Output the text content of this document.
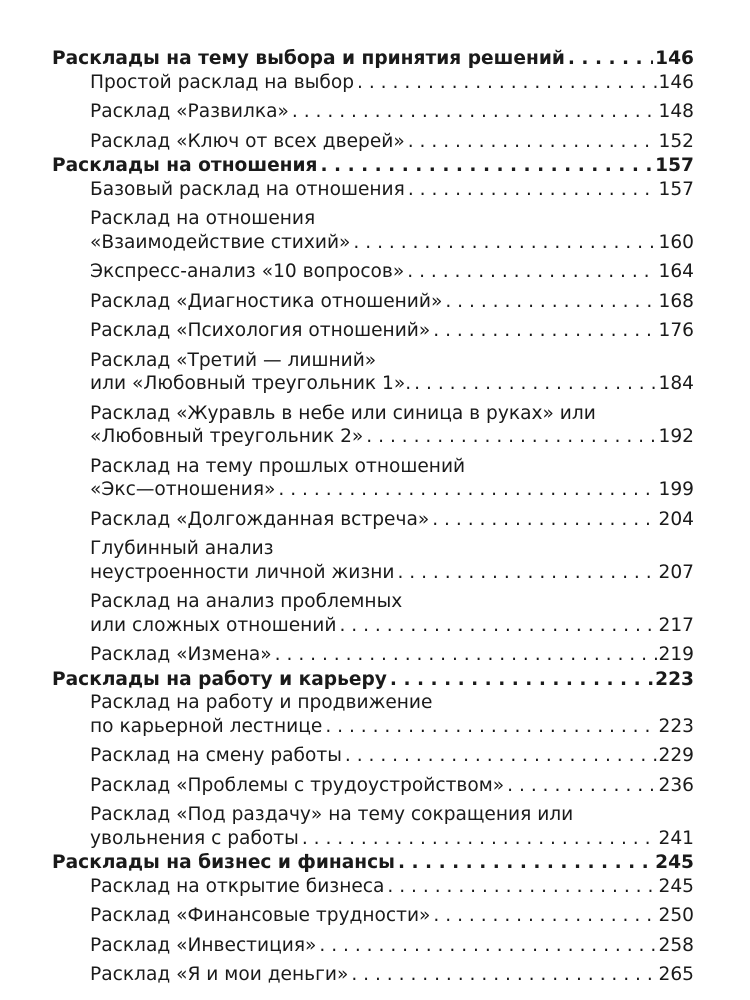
Расклады на тему выбора и принятия решений . . .	146
Простой расклад на выбор . . .	146
Расклад «Развилка» . . .	148
Расклад «Ключ от всех дверей» . . .	152
Расклады на отношения . . .	157
Базовый расклад на отношения . . .	157
Расклад на отношения
«Взаимодействие стихий» . . .	160
Экспресс-анализ «10 вопросов» . . .	164
Расклад «Диагностика отношений» . . .	168
Расклад «Психология отношений» . . .	176
Расклад «Третий — лишний»
или «Любовный треугольник 1». . . .	184
Расклад «Журавль в небе или синица в руках» или
«Любовный треугольник 2» . . .	192
Расклад на тему прошлых отношений
«Экс—отношения» . . .	199
Расклад «Долгожданная встреча» . . .	204
Глубинный анализ
неустроенности личной жизни . . .	207
Расклад на анализ проблемных
или сложных отношений . . .	217
Расклад «Измена» . . .	219
Расклады на работу и карьеру . . .	223
Расклад на работу и продвижение
по карьерной лестнице . . .	223
Расклад на смену работы . . .	229
Расклад «Проблемы с трудоустройством» . . .	236
Расклад «Под раздачу» на тему сокращения или
увольнения с работы . . .	241
Расклады на бизнес и финансы . . .	245
Расклад на открытие бизнеса . . .	245
Расклад «Финансовые трудности» . . .	250
Расклад «Инвестиция» . . .	258
Расклад «Я и мои деньги» . . .	265
